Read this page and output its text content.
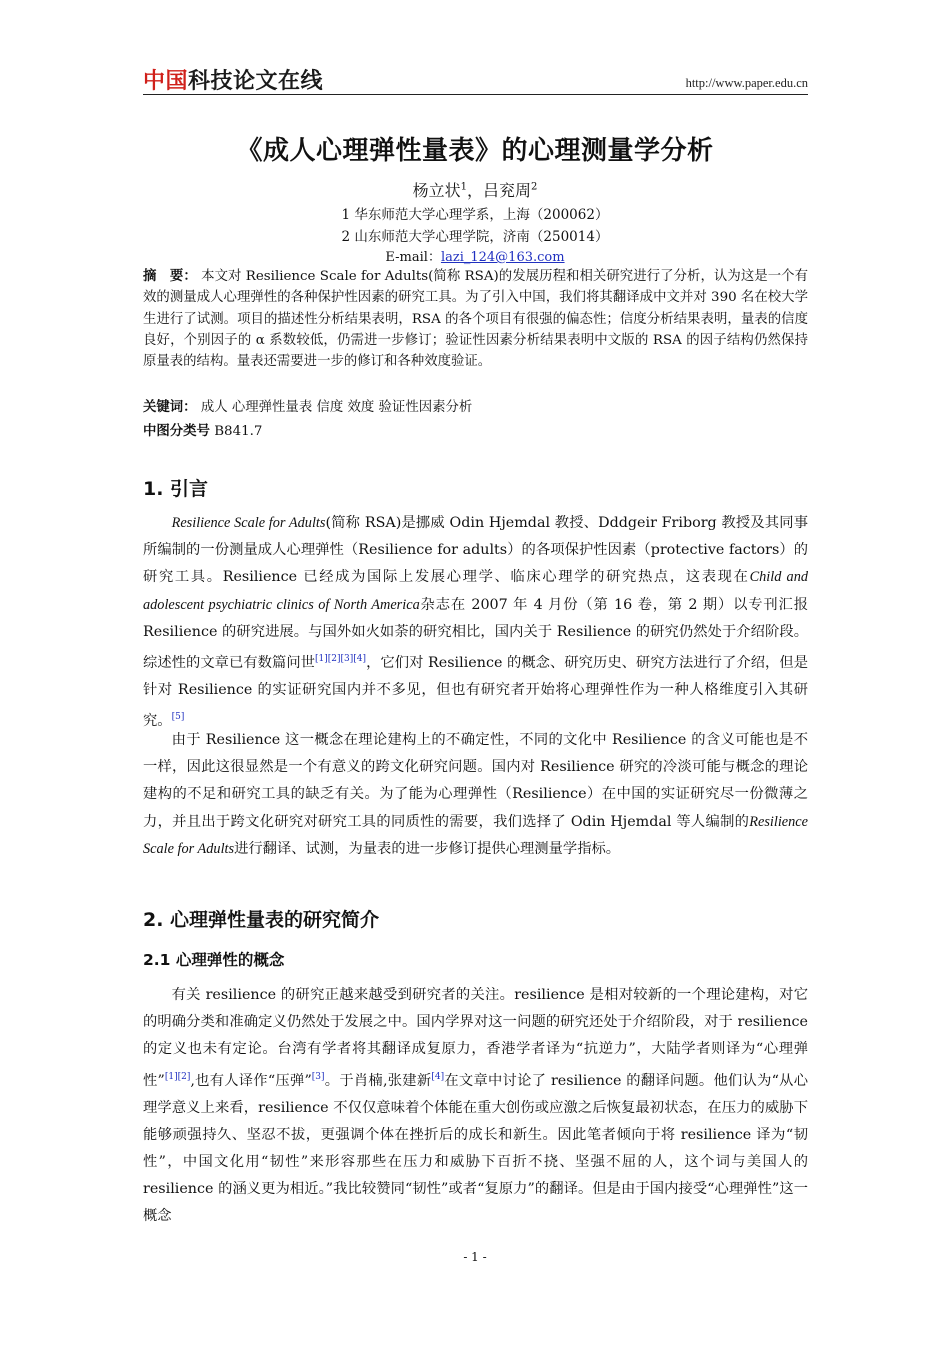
中国科技论文在线	http://www.paper.edu.cn
《成人心理弹性量表》的心理测量学分析
杨立状$^1$，吕兖周$^2$
1 华东师范大学心理学系，上海（200062）
2 山东师范大学心理学院，济南（250014）
E-mail：lazi_124@163.com
摘　要： 本文对 Resilience Scale for Adults(简称 RSA)的发展历程和相关研究进行了分析，认为这是一个有效的测量成人心理弹性的各种保护性因素的研究工具。为了引入中国，我们将其翻译成中文并对 390 名在校大学生进行了试测。项目的描述性分析结果表明，RSA 的各个项目有很强的偏态性；信度分析结果表明，量表的信度良好，个别因子的 α 系数较低，仍需进一步修订；验证性因素分析结果表明中文版的 RSA 的因子结构仍然保持原量表的结构。量表还需要进一步的修订和各种效度验证。
关键词： 成人 心理弹性量表 信度 效度 验证性因素分析
中图分类号 B841.7
1. 引言
Resilience Scale for Adults(简称 RSA)是挪威 Odin Hjemdal 教授、Dddgeir Friborg 教授及其同事所编制的一份测量成人心理弹性（Resilience for adults）的各项保护性因素（protective factors）的研究工具。Resilience 已经成为国际上发展心理学、临床心理学的研究热点，这表现在Child and adolescent psychiatric clinics of North America杂志在 2007 年 4 月份（第 16 卷，第 2 期）以专刊汇报 Resilience 的研究进展。与国外如火如荼的研究相比，国内关于 Resilience 的研究仍然处于介绍阶段。综述性的文章已有数篇问世[1][2][3][4]，它们对 Resilience 的概念、研究历史、研究方法进行了介绍，但是针对 Resilience 的实证研究国内并不多见，但也有研究者开始将心理弹性作为一种人格维度引入其研究。[5]
由于 Resilience 这一概念在理论建构上的不确定性，不同的文化中 Resilience 的含义可能也是不一样，因此这很显然是一个有意义的跨文化研究问题。国内对 Resilience 研究的冷淡可能与概念的理论建构的不足和研究工具的缺乏有关。为了能为心理弹性（Resilience）在中国的实证研究尽一份微薄之力，并且出于跨文化研究对研究工具的同质性的需要，我们选择了 Odin Hjemdal 等人编制的Resilience Scale for Adults进行翻译、试测，为量表的进一步修订提供心理测量学指标。
2. 心理弹性量表的研究简介
2.1 心理弹性的概念
有关 resilience 的研究正越来越受到研究者的关注。resilience 是相对较新的一个理论建构，对它的明确分类和准确定义仍然处于发展之中。国内学界对这一问题的研究还处于介绍阶段，对于 resilience 的定义也未有定论。台湾有学者将其翻译成复原力，香港学者译为“抗逆力”，大陆学者则译为“心理弹性”[1][2],也有人译作“压弹”[3]。于肖楠,张建新[4]在文章中讨论了 resilience 的翻译问题。他们认为“从心理学意义上来看，resilience 不仅仅意味着个体能在重大创伤或应激之后恢复最初状态，在压力的威胁下能够顽强持久、坚忍不拔，更强调个体在挫折后的成长和新生。因此笔者倾向于将 resilience 译为“韧性”，中国文化用“韧性”来形容那些在压力和威胁下百折不挠、坚强不屈的人，这个词与美国人的 resilience 的涵义更为相近。”我比较赞同“韧性”或者“复原力”的翻译。但是由于国内接受“心理弹性”这一概念
- 1 -
